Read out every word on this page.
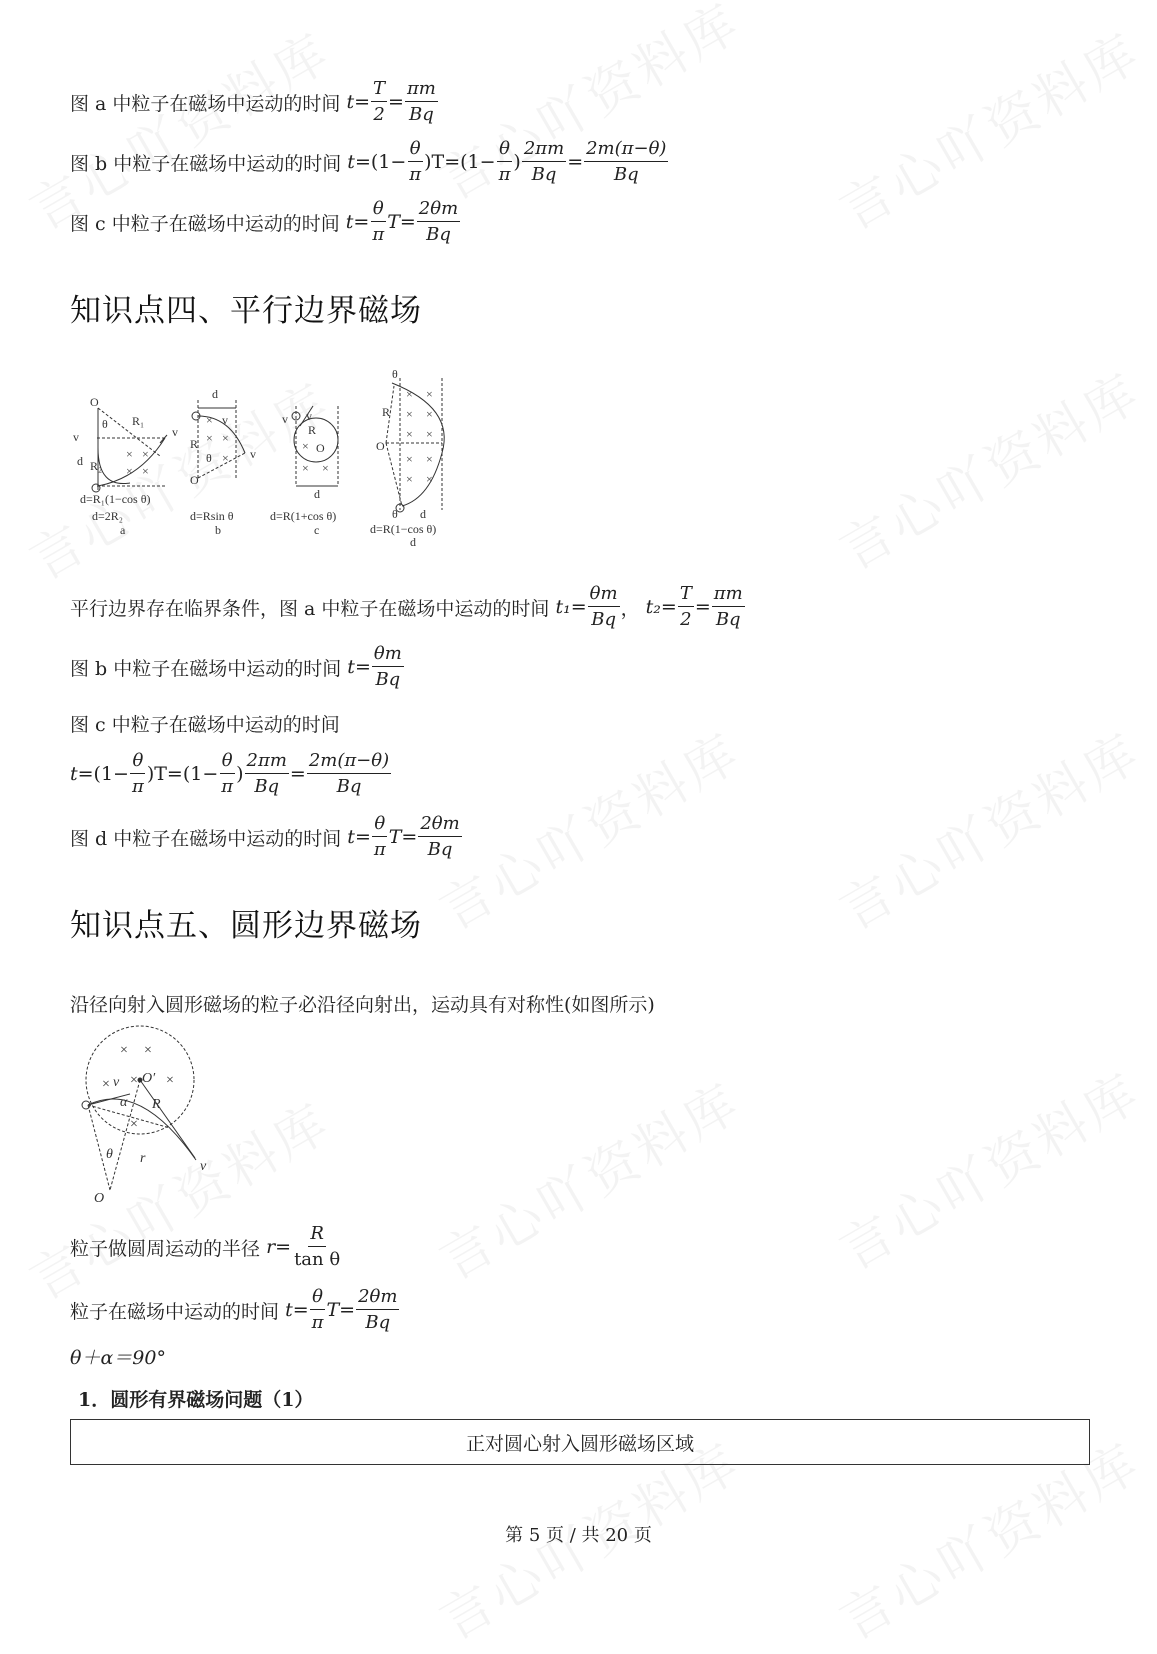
图 a 中粒子在磁场中运动的时间
$t = \frac{T}{2} = \frac{\pi m}{Bq}$
图 b 中粒子在磁场中运动的时间
$t =(1- \frac{\theta}{\pi} )T=(1- \frac{\theta}{\pi}$ ) $\frac{2\pi m}{Bq} = \frac{2m(\pi-\theta)}{Bq}$
图 c 中粒子在磁场中运动的时间
$t = \frac{\theta}{\pi}$ $T = \frac{2\theta m}{Bq}$
知识点四、平行边界磁场
O
θ R₁
v	v
d R₂
× ×
× ×
d=R₁(1−cos θ)
d=2R₂
a
d
× v
R × ×
θ ×
O
v
d=Rsin θ
b
v v
R
O
×
× ×
d
d=R(1+cos θ)
c
θ
R
O
× ×
× ×
× ×
× ×
× ×
θ d
d=R(1−cos θ)
d
平行边界存在临界条件，图 a 中粒子在磁场中运动的时间
$t_1 = \frac{\theta m}{Bq}$ ，
$t_2 = \frac{T}{2} = \frac{\pi m}{Bq}$
图 b 中粒子在磁场中运动的时间
$t = \frac{\theta m}{Bq}$
图 c 中粒子在磁场中运动的时间
$t =(1- \frac{\theta}{\pi} )T=(1- \frac{\theta}{\pi}$ ) $\frac{2\pi m}{Bq} = \frac{2m(\pi-\theta)}{Bq}$
图 d 中粒子在磁场中运动的时间
$t = \frac{\theta}{\pi}$ $T = \frac{2\theta m}{Bq}$
知识点五、圆形边界磁场
沿径向射入圆形磁场的粒子必沿径向射出，运动具有对称性(如图所示)
× ×
× v × O′ ×
α R
×
θ r
v
O
粒子做圆周运动的半径
$r = \frac{R}{\text{tan θ}}$
粒子在磁场中运动的时间
$t = \frac{\theta}{\pi}$ $T = \frac{2\theta m}{Bq}$
θ＋α＝90°
1．圆形有界磁场问题（1）
正对圆心射入圆形磁场区域
第 5 页 / 共 20 页
